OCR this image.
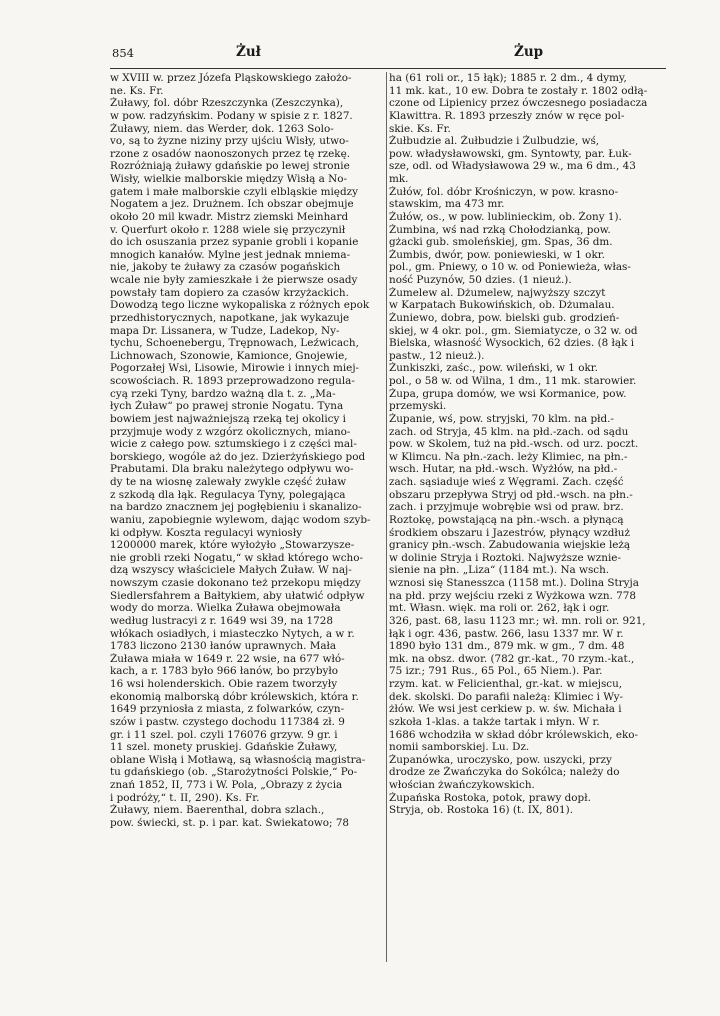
854	Żuł	Żup
w XVIII w. przez Józefa Pląskowskiego założo-
ne. Ks. Fr.
Żuławy, fol. dóbr Rzeszczynka (Zeszczynka),
w pow. radzyńskim. Podany w spisie z r. 1827.
Żuławy, niem. das Werder, dok. 1263 Solo-
vo, są to żyzne niziny przy ujściu Wisły, utwo-
rzone z osadów naonoszonych przez tę rzekę.
Rozróżniają żuławy gdańskie po lewej stronie
Wisły, wielkie malborskie między Wisłą a No-
gatem i małe malborskie czyli elbląskie między
Nogatem a jez. Drużnem. Ich obszar obejmuje
około 20 mil kwadr. Mistrz ziemski Meinhard
v. Querfurt około r. 1288 wiele się przyczynił
do ich osuszania przez sypanie grobli i kopanie
mnogich kanałów. Mylne jest jednak mniema-
nie, jakoby te żuławy za czasów pogańskich
wcale nie były zamieszkałe i że pierwsze osady
powstały tam dopiero za czasów krzyżackich.
Dowodzą tego liczne wykopaliska z różnych epok
przedhistorycznych, napotkane, jak wykazuje
mapa Dr. Lissanera, w Tudze, Ladekop, Ny-
tychu, Schoenebergu, Trępnowach, Leźwicach,
Lichnowach, Szonowie, Kamionce, Gnojewie,
Pogorzałej Wsi, Lisowie, Mirowie i innych miej-
scowościach. R. 1893 przeprowadzono regula-
cyą rzeki Tyny, bardzo ważną dla t. z. „Ma-
łych Żuław“ po prawej stronie Nogatu. Tyna
bowiem jest najważniejszą rzeką tej okolicy i
przyjmuje wody z wzgórz okolicznych, miano-
wicie z całego pow. sztumskiego i z części mal-
borskiego, wogóle aż do jez. Dzierżyńskiego pod
Prabutami. Dla braku należytego odpływu wo-
dy te na wiosnę zalewały zwykle część żuław
z szkodą dla łąk. Regulacya Tyny, polegająca
na bardzo znacznem jej pogłębieniu i skanalizo-
waniu, zapobiegnie wylewom, dając wodom szyb-
ki odpływ. Koszta regulacyi wyniosły
1200000 marek, które wyłożyło „Stowarzysze-
nie grobli rzeki Nogatu,“ w skład którego wcho-
dzą wszyscy właściciele Małych Żuław. W naj-
nowszym czasie dokonano też przekopu między
Siedlersfahrem a Bałtykiem, aby ułatwić odpływ
wody do morza. Wielka Żuława obejmowała
według lustracyi z r. 1649 wsi 39, na 1728
włókach osiadłych, i miasteczko Nytych, a w r.
1783 liczono 2130 łanów uprawnych. Mała
Żuława miała w 1649 r. 22 wsie, na 677 włó-
kach, a r. 1783 było 966 łanów, bo przybyło
16 wsi holenderskich. Obie razem tworzyły
ekonomią malborską dóbr królewskich, która r.
1649 przyniosła z miasta, z folwarków, czyn-
szów i pastw. czystego dochodu 117384 zł. 9
gr. i 11 szel. pol. czyli 176076 grzyw. 9 gr. i
11 szel. monety pruskiej. Gdańskie Żuławy,
oblane Wisłą i Motławą, są własnością magistra-
tu gdańskiego (ob. „Starożytności Polskie,“ Po-
znań 1852, II, 773 i W. Pola, „Obrazy z życia
i podróży,“ t. II, 290). Ks. Fr.
Żuławy, niem. Baerenthal, dobra szlach.,
pow. świecki, st. p. i par. kat. Świekatowo; 78
ha (61 roli or., 15 łąk); 1885 r. 2 dm., 4 dymy,
11 mk. kat., 10 ew. Dobra te zostały r. 1802 odłą-
czone od Lipienicy przez ówczesnego posiadacza
Klawittra. R. 1893 przeszły znów w ręce pol-
skie. Ks. Fr.
Żułbudzie al. Żułbudzie i Żulbudzie, wś,
pow. władysławowski, gm. Syntowty, par. Łuk-
sze, odl. od Władysławowa 29 w., ma 6 dm., 43
mk.
Żułów, fol. dóbr Krośniczyn, w pow. krasno-
stawskim, ma 473 mr.
Żułów, os., w pow. lublinieckim, ob. Żony 1).
Żumbina, wś nad rzką Chołodzianką, pow.
gżacki gub. smoleńskiej, gm. Spas, 36 dm.
Żumbis, dwór, pow. poniewieski, w 1 okr.
pol., gm. Pniewy, o 10 w. od Poniewieża, włas-
ność Puzynów, 50 dzies. (1 nieuż.).
Żumelew al. Dżumelew, najwyższy szczyt
w Karpatach Bukowińskich, ob. Dżumalau.
Żuniewo, dobra, pow. bielski gub. grodzień-
skiej, w 4 okr. pol., gm. Siemiatycze, o 32 w. od
Bielska, własność Wysockich, 62 dzies. (8 łąk i
pastw., 12 nieuż.).
Żunkiszki, zaśc., pow. wileński, w 1 okr.
pol., o 58 w. od Wilna, 1 dm., 11 mk. starowier.
Żupa, grupa domów, we wsi Kormanice, pow.
przemyski.
Żupanie, wś, pow. stryjski, 70 klm. na płd.-
zach. od Stryja, 45 klm. na płd.-zach. od sądu
pow. w Skolem, tuż na płd.-wsch. od urz. poczt.
w Klimcu. Na płn.-zach. leży Klimiec, na płn.-
wsch. Hutar, na płd.-wsch. Wyżłów, na płd.-
zach. sąsiaduje wieś z Węgrami. Zach. część
obszaru przepływa Stryj od płd.-wsch. na płn.-
zach. i przyjmuje wobrębie wsi od praw. brz.
Roztokę, powstającą na płn.-wsch. a płynącą
środkiem obszaru i Jazestrów, płynący wzdłuż
granicy płn.-wsch. Zabudowania wiejskie leżą
w dolinie Stryja i Roztoki. Najwyższe wznie-
sienie na płn. „Liza“ (1184 mt.). Na wsch.
wznosi się Stanesszca (1158 mt.). Dolina Stryja
na płd. przy wejściu rzeki z Wyżkowa wzn. 778
mt. Własn. więk. ma roli or. 262, łąk i ogr.
326, past. 68, lasu 1123 mr.; wł. mn. roli or. 921,
łąk i ogr. 436, pastw. 266, lasu 1337 mr. W r.
1890 było 131 dm., 879 mk. w gm., 7 dm. 48
mk. na obsz. dwor. (782 gr.-kat., 70 rzym.-kat.,
75 izr.; 791 Rus., 65 Pol., 65 Niem.). Par.
rzym. kat. w Felicienthal, gr.-kat. w miejscu,
dek. skolski. Do parafii należą: Klimiec i Wy-
żłów. We wsi jest cerkiew p. w. św. Michała i
szkoła 1-klas. a także tartak i młyn. W r.
1686 wchodziła w skład dóbr królewskich, eko-
nomii samborskiej. Lu. Dz.
Żupanówka, uroczysko, pow. uszycki, przy
drodze ze Żwańczyka do Sokólca; należy do
włościan żwańczykowskich.
Żupańska Rostoka, potok, prawy dopł.
Stryja, ob. Rostoka 16) (t. IX, 801).
